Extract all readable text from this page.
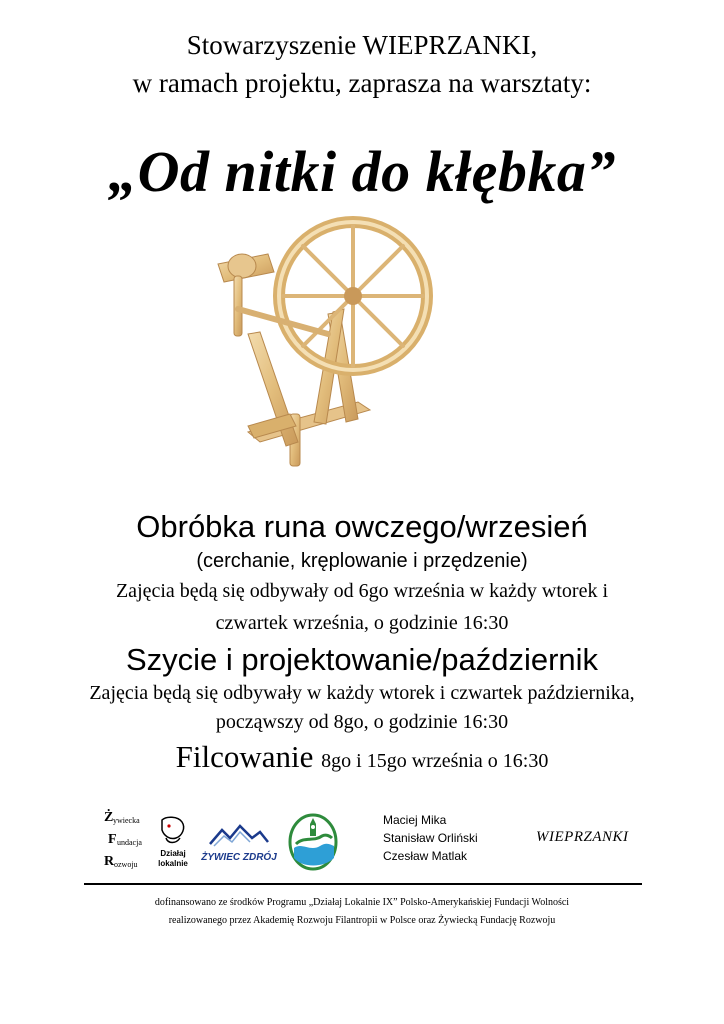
Stowarzyszenie WIEPRZANKI,
w ramach projektu, zaprasza na warsztaty:
„Od nitki do kłębka”
Obróbka runa owczego/wrzesień
(cerchanie, kręplowanie i przędzenie)
Zajęcia będą się odbywały od 6go września w każdy wtorek i
czwartek września, o godzinie 16:30
Szycie i projektowanie/październik
Zajęcia będą się odbywały w każdy wtorek i czwartek października,
począwszy od 8go, o godzinie 16:30
Filcowanie 8go i 15go września o 16:30
Ż ywiecka
F undacja
R ozwoju
Działaj
lokalnie
ŻYWIEC ZDRÓJ
Maciej Mika
Stanisław Orliński
Czesław Matlak
WIEPRZANKI
dofinansowano ze środków Programu „Działaj Lokalnie IX” Polsko-Amerykańskiej Fundacji Wolności
realizowanego przez Akademię Rozwoju Filantropii w Polsce oraz Żywiecką Fundację Rozwoju
